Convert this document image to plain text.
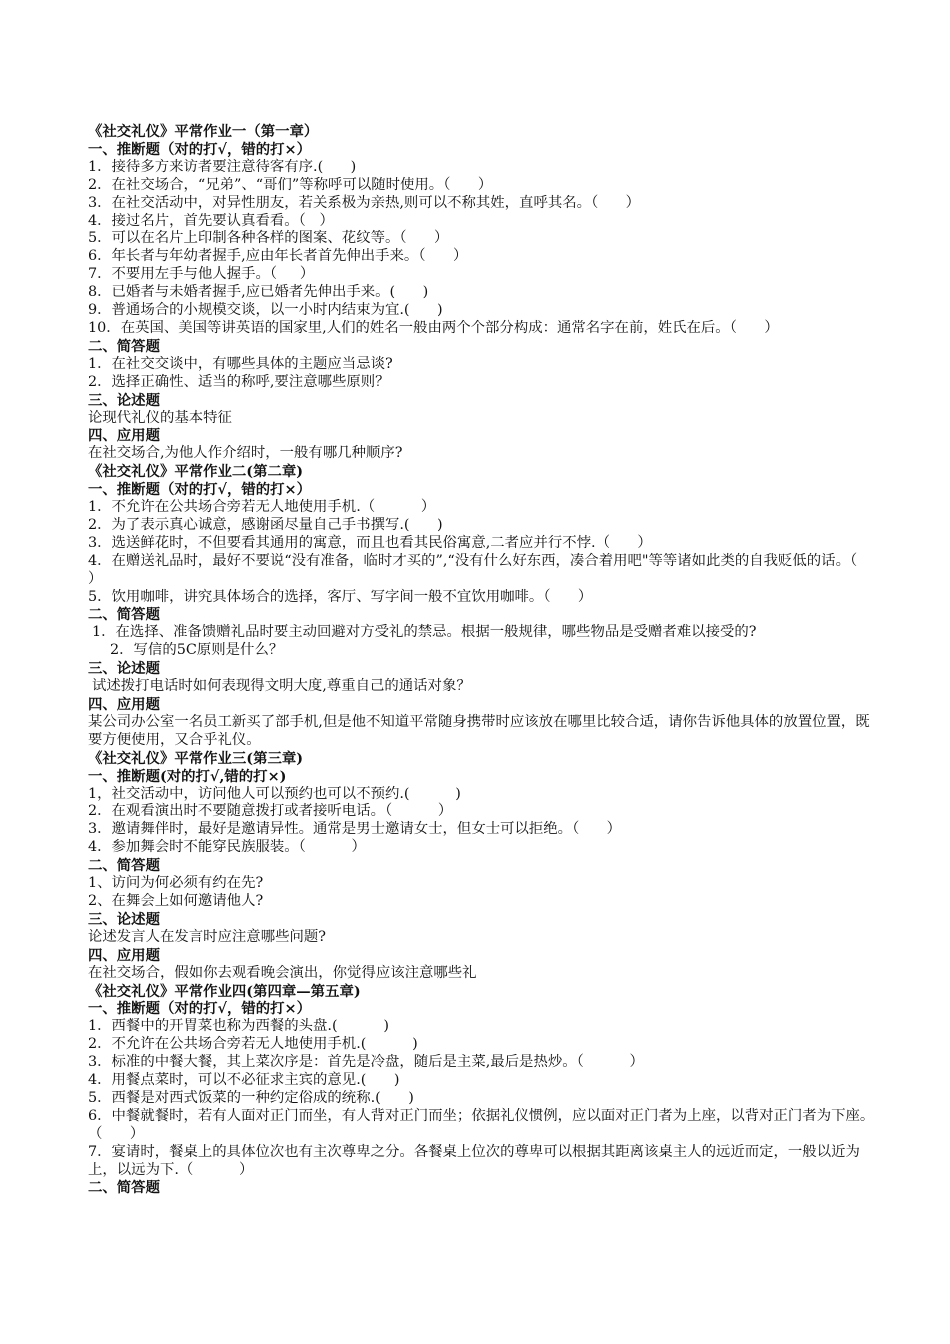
《社交礼仪》平常作业一（第一章）
一、推断题（对的打√，错的打×）
1．接待多方来访者要注意待客有序.(      )
2．在社交场合，“兄弟”、“哥们”等称呼可以随时使用。（      ）
3．在社交活动中，对异性朋友，若关系极为亲热,则可以不称其姓，直呼其名。（      ）
4．接过名片，首先要认真看看。（   ）
5．可以在名片上印制各种各样的图案、花纹等。（      ）
6．年长者与年幼者握手,应由年长者首先伸出手来。（      ）
7．不要用左手与他人握手。（     ）
8．已婚者与未婚者握手,应已婚者先伸出手来。(      )
9．普通场合的小规模交谈，以一小时内结束为宜.(      )
10．在英国、美国等讲英语的国家里,人们的姓名一般由两个个部分构成：通常名字在前，姓氏在后。（      ）
二、简答题
1．在社交交谈中，有哪些具体的主题应当忌谈?
2．选择正确性、适当的称呼,要注意哪些原则？
三、论述题
论现代礼仪的基本特征
四、应用题
在社交场合,为他人作介绍时，一般有哪几种顺序?
《社交礼仪》平常作业二(第二章)
一、推断题（对的打√，错的打×）
1．不允许在公共场合旁若无人地使用手机.（          ）
2．为了表示真心诚意，感谢函尽量自己手书撰写.(      )
3．选送鲜花时，不但要看其通用的寓意，而且也看其民俗寓意,二者应并行不悖.（      ）
4．在赠送礼品时，最好不要说“没有准备，临时才买的”,“没有什么好东西，凑合着用吧"等等诸如此类的自我贬低的话。（      ）
5．饮用咖啡，讲究具体场合的选择，客厅、写字间一般不宜饮用咖啡。（      ）
二、简答题
1．在选择、准备馈赠礼品时要主动回避对方受礼的禁忌。根据一般规律，哪些物品是受赠者难以接受的?
2．写信的5C原则是什么？
三、论述题
试述拨打电话时如何表现得文明大度,尊重自己的通话对象？
四、应用题
某公司办公室一名员工新买了部手机,但是他不知道平常随身携带时应该放在哪里比较合适，请你告诉他具体的放置位置，既要方便使用，又合乎礼仪。
《社交礼仪》平常作业三(第三章)
一、推断题(对的打√,错的打×)
1，社交活动中，访问他人可以预约也可以不预约.(          )
2．在观看演出时不要随意拨打或者接听电话。（          ）
3．邀请舞伴时，最好是邀请异性。通常是男士邀请女士，但女士可以拒绝。（      ）
4．参加舞会时不能穿民族服装。（          ）
二、简答题
1、访问为何必须有约在先?
2、在舞会上如何邀请他人?
三、论述题
论述发言人在发言时应注意哪些问题?
四、应用题
在社交场合，假如你去观看晚会演出，你觉得应该注意哪些礼
《社交礼仪》平常作业四(第四章—第五章)
一、推断题（对的打√，错的打×）
1．西餐中的开胃菜也称为西餐的头盘.(          )
2．不允许在公共场合旁若无人地使用手机.(          )
3．标准的中餐大餐，其上菜次序是：首先是冷盘，随后是主菜,最后是热炒。（          ）
4．用餐点菜时，可以不必征求主宾的意见.(      )
5．西餐是对西式饭菜的一种约定俗成的统称.(      )
6．中餐就餐时，若有人面对正门而坐，有人背对正门而坐；依据礼仪惯例，应以面对正门者为上座，以背对正门者为下座。（      ）
7．宴请时，餐桌上的具体位次也有主次尊卑之分。各餐桌上位次的尊卑可以根据其距离该桌主人的远近而定，一般以近为上，以远为下.（          ）
二、简答题
